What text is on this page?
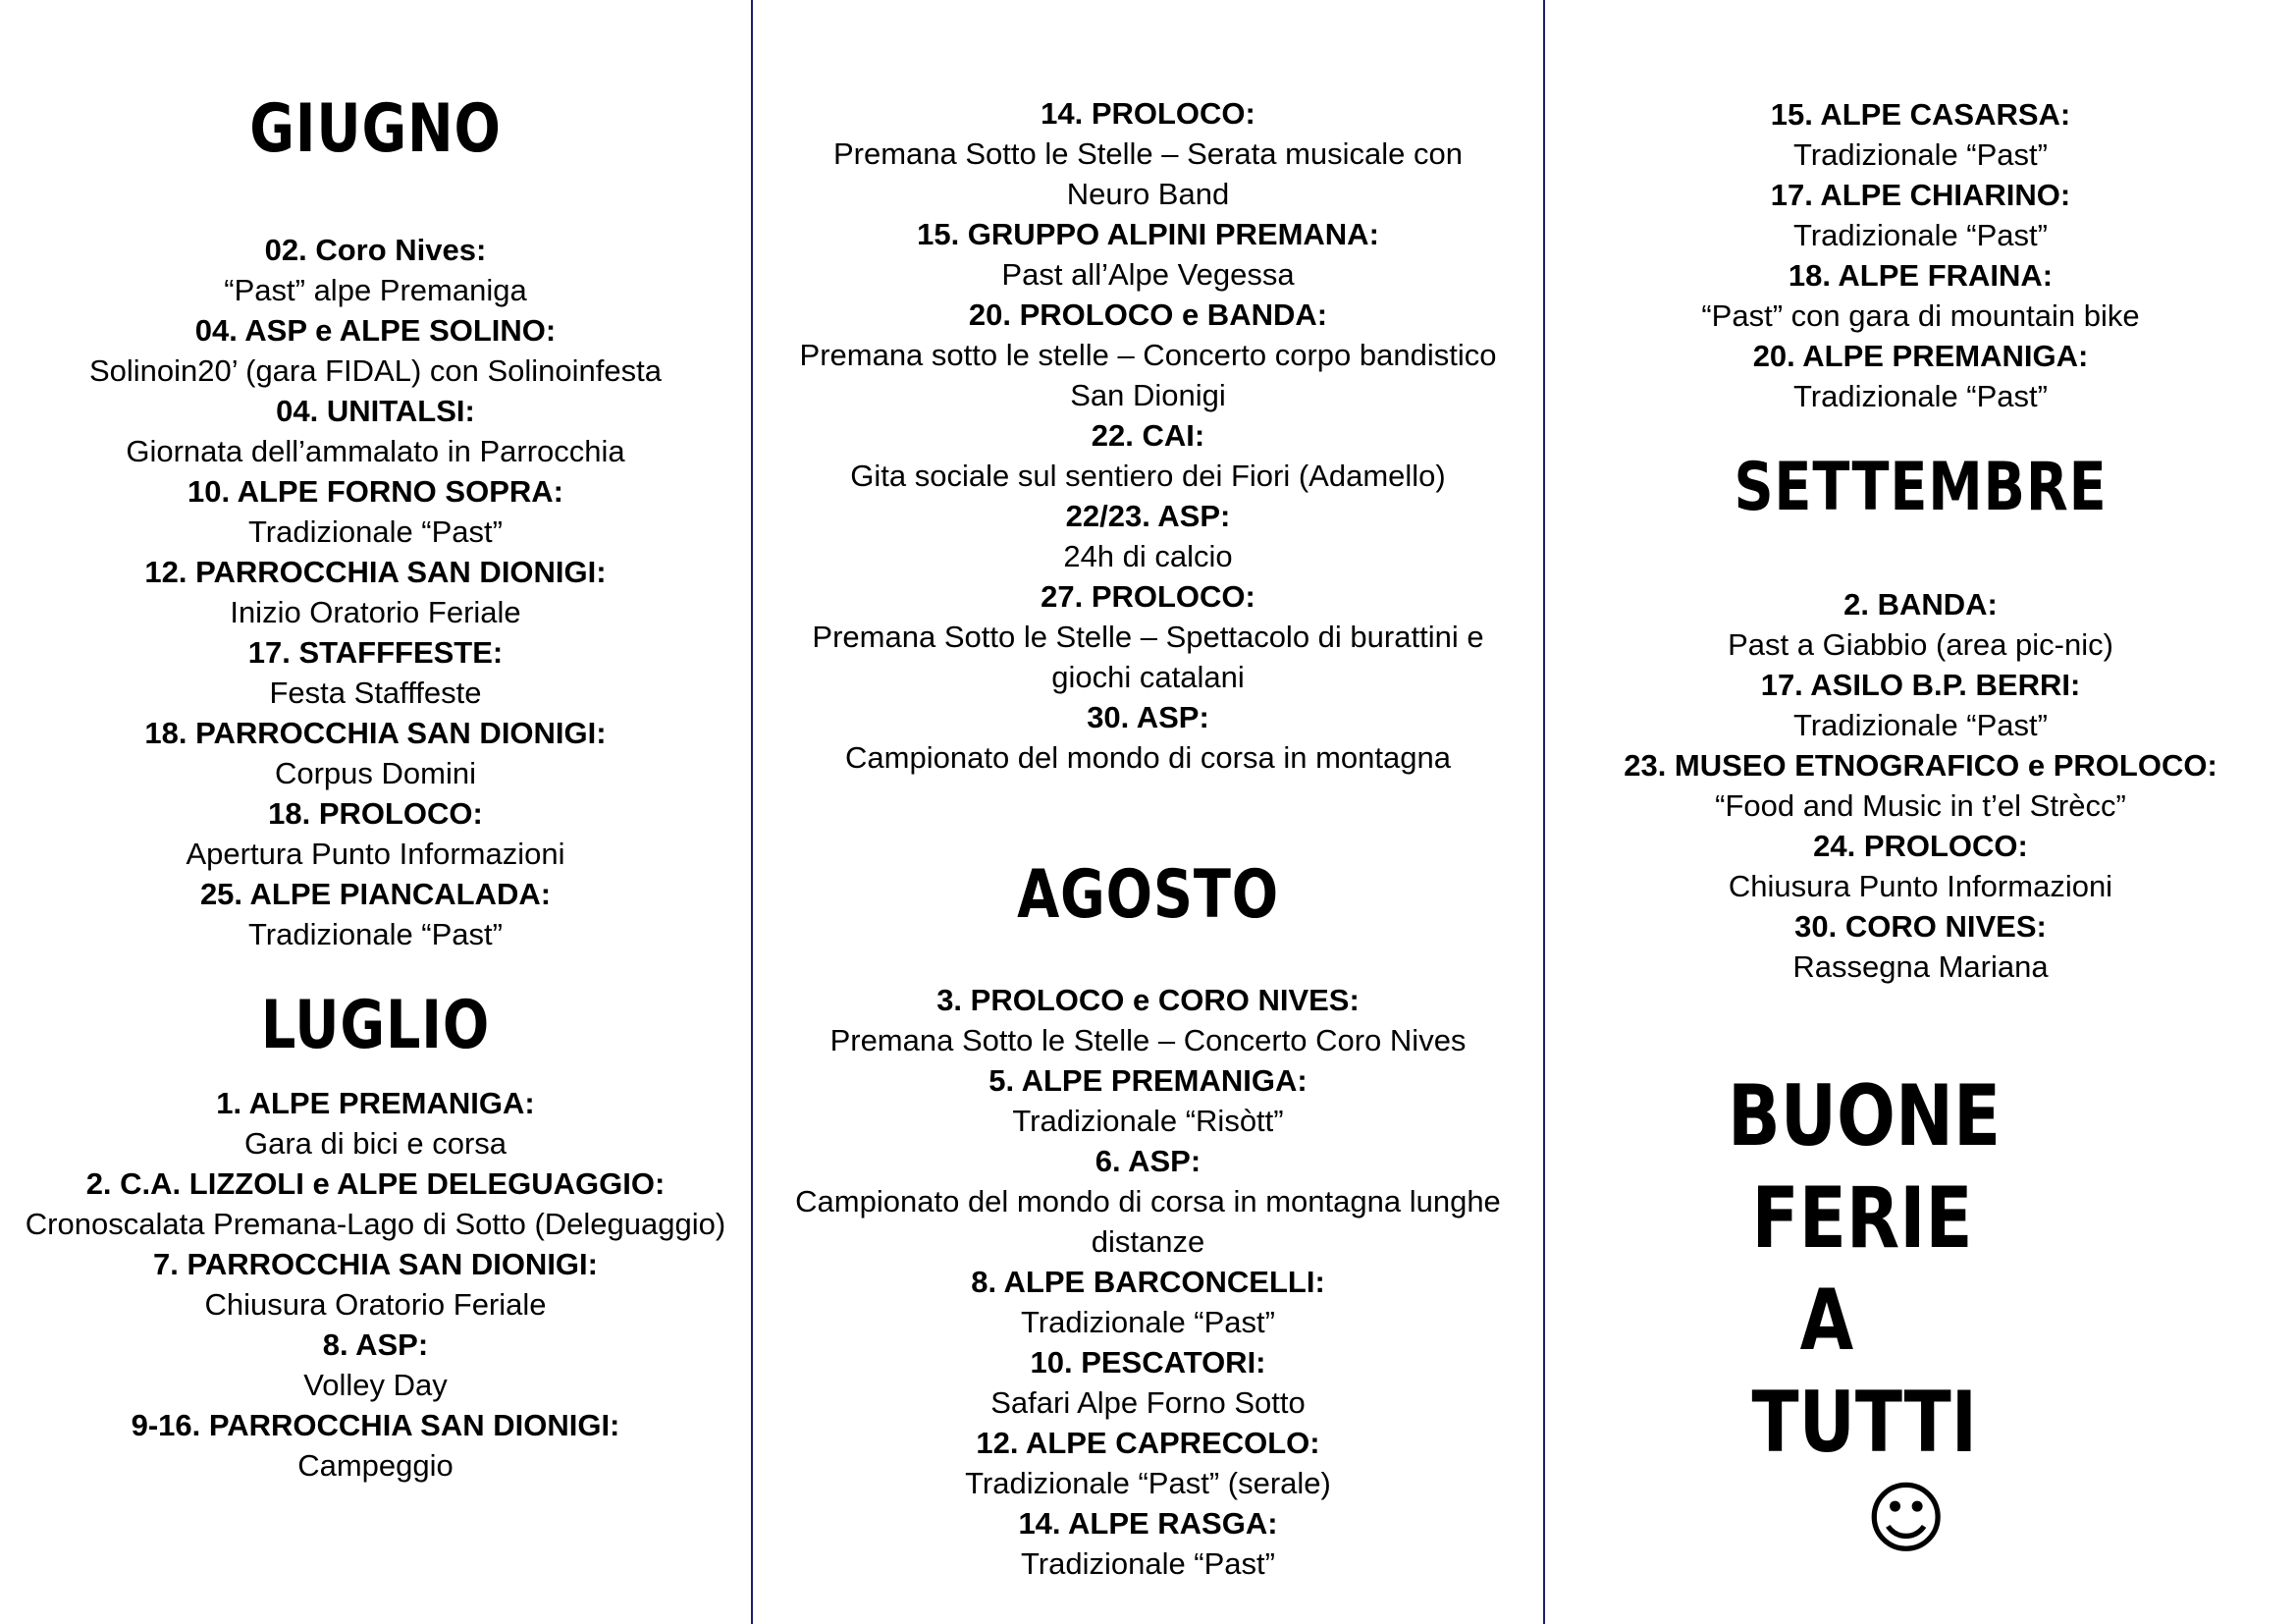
GIUGNO
02. Coro Nives:
“Past” alpe Premaniga
04. ASP e ALPE SOLINO:
Solinoin20’ (gara FIDAL) con Solinoinfesta
04. UNITALSI:
Giornata dell’ammalato in Parrocchia
10. ALPE FORNO SOPRA:
Tradizionale “Past”
12. PARROCCHIA SAN DIONIGI:
Inizio Oratorio Feriale
17. STAFFFESTE:
Festa Stafffeste
18. PARROCCHIA SAN DIONIGI:
Corpus Domini
18. PROLOCO:
Apertura Punto Informazioni
25. ALPE PIANCALADA:
Tradizionale “Past”
LUGLIO
1. ALPE PREMANIGA:
Gara di bici e corsa
2. C.A. LIZZOLI e ALPE DELEGUAGGIO:
Cronoscalata Premana-Lago di Sotto (Deleguaggio)
7. PARROCCHIA SAN DIONIGI:
Chiusura Oratorio Feriale
8. ASP:
Volley Day
9-16. PARROCCHIA SAN DIONIGI:
Campeggio
14. PROLOCO:
Premana Sotto le Stelle – Serata musicale con Neuro Band
15. GRUPPO ALPINI PREMANA:
Past all’Alpe Vegessa
20. PROLOCO e BANDA:
Premana sotto le stelle – Concerto corpo bandistico San Dionigi
22. CAI:
Gita sociale sul sentiero dei Fiori (Adamello)
22/23. ASP:
24h di calcio
27. PROLOCO:
Premana Sotto le Stelle – Spettacolo di burattini e giochi catalani
30. ASP:
Campionato del mondo di corsa in montagna
AGOSTO
3. PROLOCO e CORO NIVES:
Premana Sotto le Stelle – Concerto Coro Nives
5. ALPE PREMANIGA:
Tradizionale “Risòtt”
6. ASP:
Campionato del mondo di corsa in montagna lunghe distanze
8. ALPE BARCONCELLI:
Tradizionale “Past”
10. PESCATORI:
Safari Alpe Forno Sotto
12. ALPE CAPRECOLO:
Tradizionale “Past” (serale)
14. ALPE RASGA:
Tradizionale “Past”
15. ALPE CASARSA:
Tradizionale “Past”
17. ALPE CHIARINO:
Tradizionale “Past”
18. ALPE FRAINA:
“Past” con gara di mountain bike
20. ALPE PREMANIGA:
Tradizionale “Past”
SETTEMBRE
2. BANDA:
Past a Giabbio (area pic-nic)
17. ASILO B.P. BERRI:
Tradizionale “Past”
23. MUSEO ETNOGRAFICO e PROLOCO:
“Food and Music in t’el Strècc”
24. PROLOCO:
Chiusura Punto Informazioni
30. CORO NIVES:
Rassegna Mariana
BUONE
FERIE
A
TUTTI
☺
